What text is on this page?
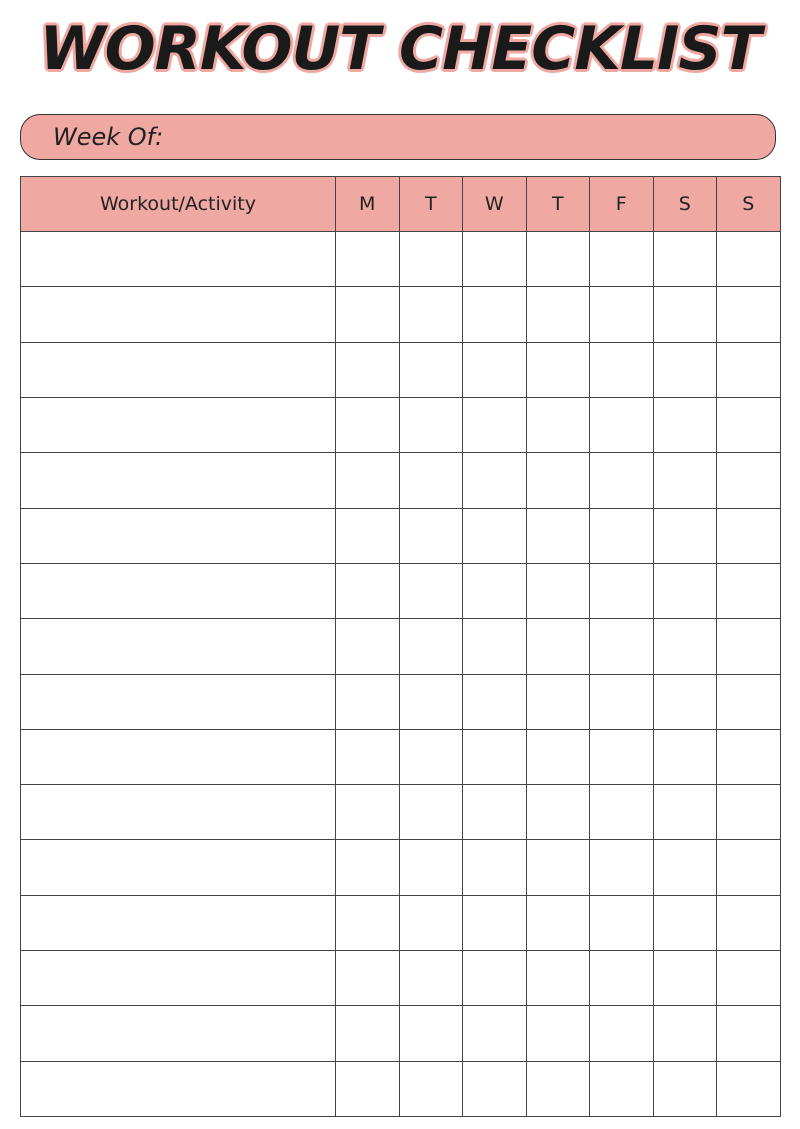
WORKOUT CHECKLIST
Week Of:
Workout/Activity	M	T	W	T	F	S	S
